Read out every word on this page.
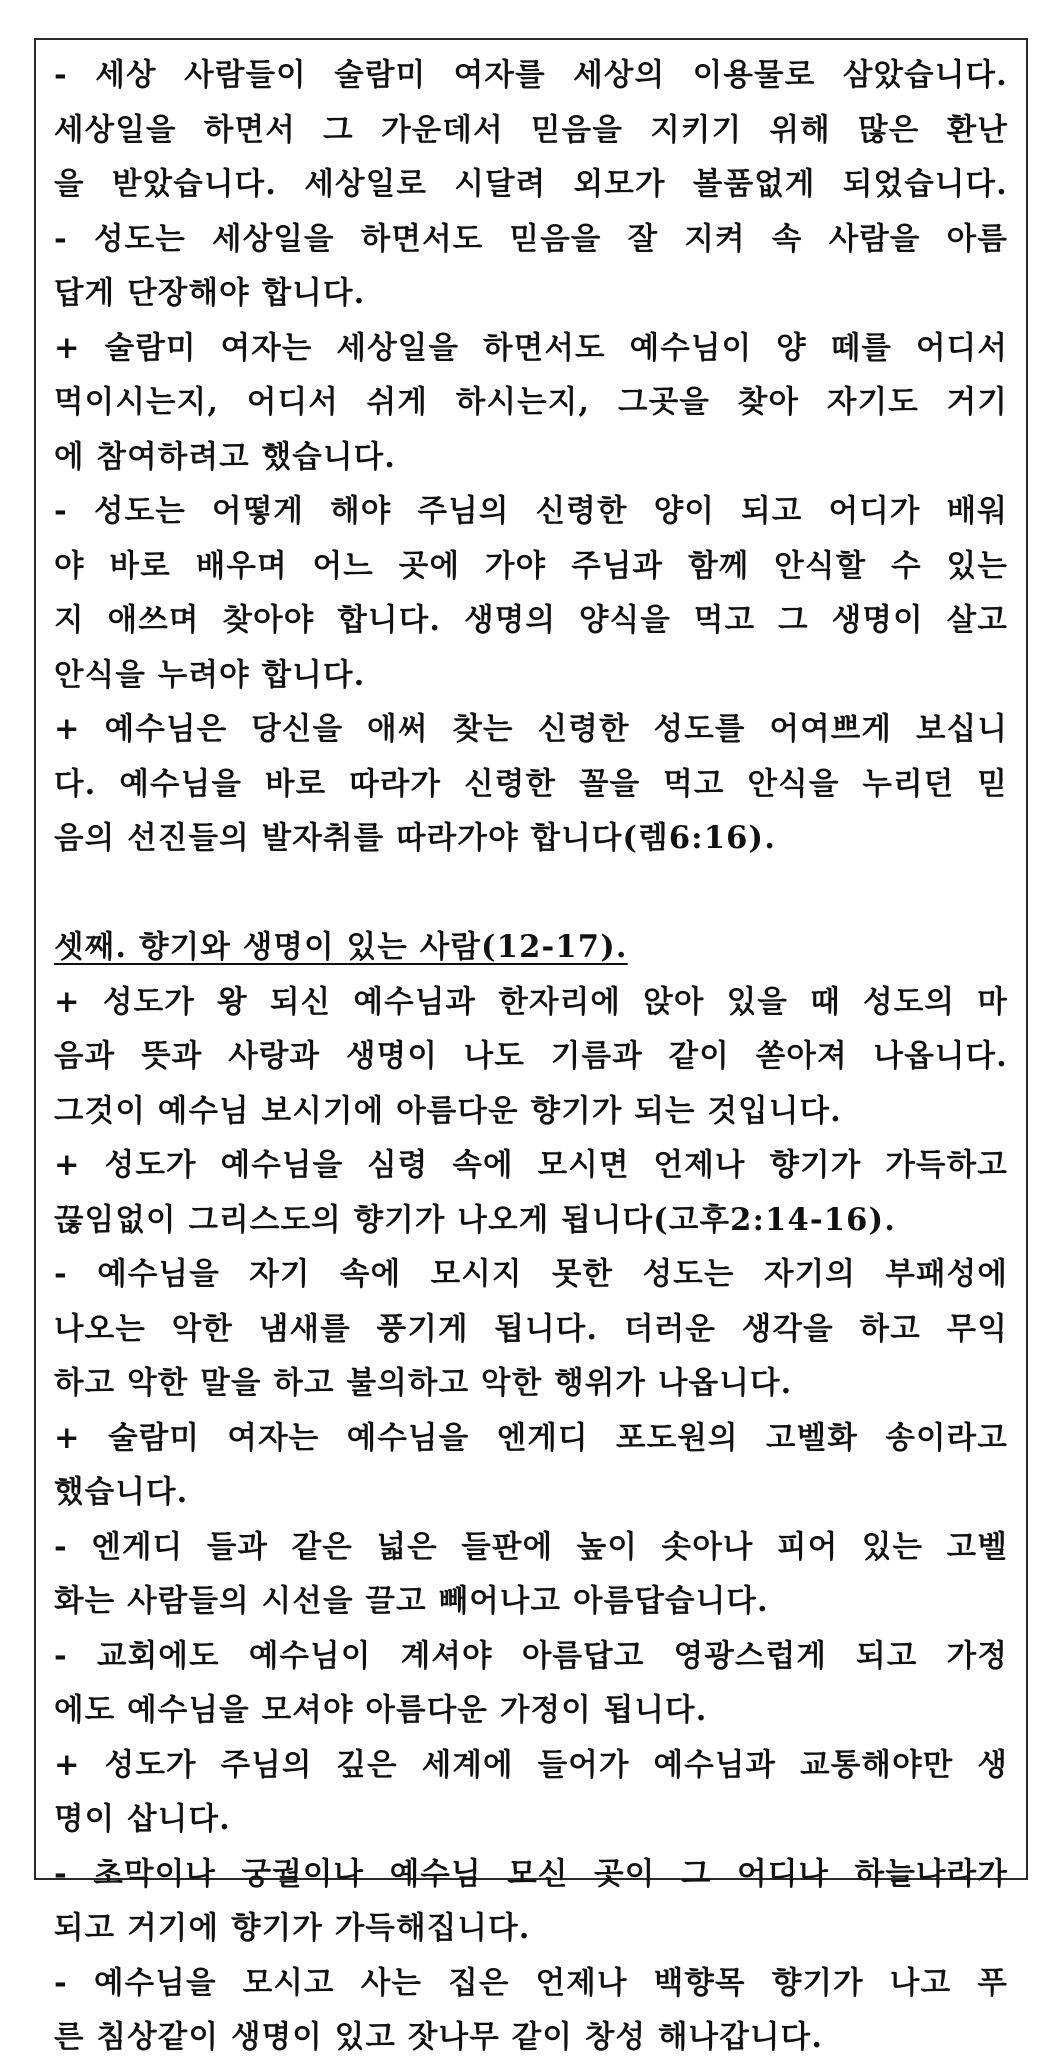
- 세상 사람들이 술람미 여자를 세상의 이용물로 삼았습니다.
세상일을 하면서 그 가운데서 믿음을 지키기 위해 많은 환난
을 받았습니다. 세상일로 시달려 외모가 볼품없게 되었습니다.
- 성도는 세상일을 하면서도 믿음을 잘 지켜 속 사람을 아름
답게 단장해야 합니다.
+ 술람미 여자는 세상일을 하면서도 예수님이 양 떼를 어디서
먹이시는지, 어디서 쉬게 하시는지, 그곳을 찾아 자기도 거기
에 참여하려고 했습니다.
- 성도는 어떻게 해야 주님의 신령한 양이 되고 어디가 배워
야 바로 배우며 어느 곳에 가야 주님과 함께 안식할 수 있는
지 애쓰며 찾아야 합니다. 생명의 양식을 먹고 그 생명이 살고
안식을 누려야 합니다.
+ 예수님은 당신을 애써 찾는 신령한 성도를 어여쁘게 보십니
다. 예수님을 바로 따라가 신령한 꼴을 먹고 안식을 누리던 믿
음의 선진들의 발자취를 따라가야 합니다(렘6:16).
셋째. 향기와 생명이 있는 사람(12-17).
+ 성도가 왕 되신 예수님과 한자리에 앉아 있을 때 성도의 마
음과 뜻과 사랑과 생명이 나도 기름과 같이 쏟아져 나옵니다.
그것이 예수님 보시기에 아름다운 향기가 되는 것입니다.
+ 성도가 예수님을 심령 속에 모시면 언제나 향기가 가득하고
끊임없이 그리스도의 향기가 나오게 됩니다(고후2:14-16).
- 예수님을 자기 속에 모시지 못한 성도는 자기의 부패성에
나오는 악한 냄새를 풍기게 됩니다. 더러운 생각을 하고 무익
하고 악한 말을 하고 불의하고 악한 행위가 나옵니다.
+ 술람미 여자는 예수님을 엔게디 포도원의 고벨화 송이라고
했습니다.
- 엔게디 들과 같은 넓은 들판에 높이 솟아나 피어 있는 고벨
화는 사람들의 시선을 끌고 빼어나고 아름답습니다.
- 교회에도 예수님이 계셔야 아름답고 영광스럽게 되고 가정
에도 예수님을 모셔야 아름다운 가정이 됩니다.
+ 성도가 주님의 깊은 세계에 들어가 예수님과 교통해야만 생
명이 삽니다.
- 초막이나 궁궐이나 예수님 모신 곳이 그 어디나 하늘나라가
되고 거기에 향기가 가득해집니다.
- 예수님을 모시고 사는 집은 언제나 백향목 향기가 나고 푸
른 침상같이 생명이 있고 잣나무 같이 창성 해나갑니다.
